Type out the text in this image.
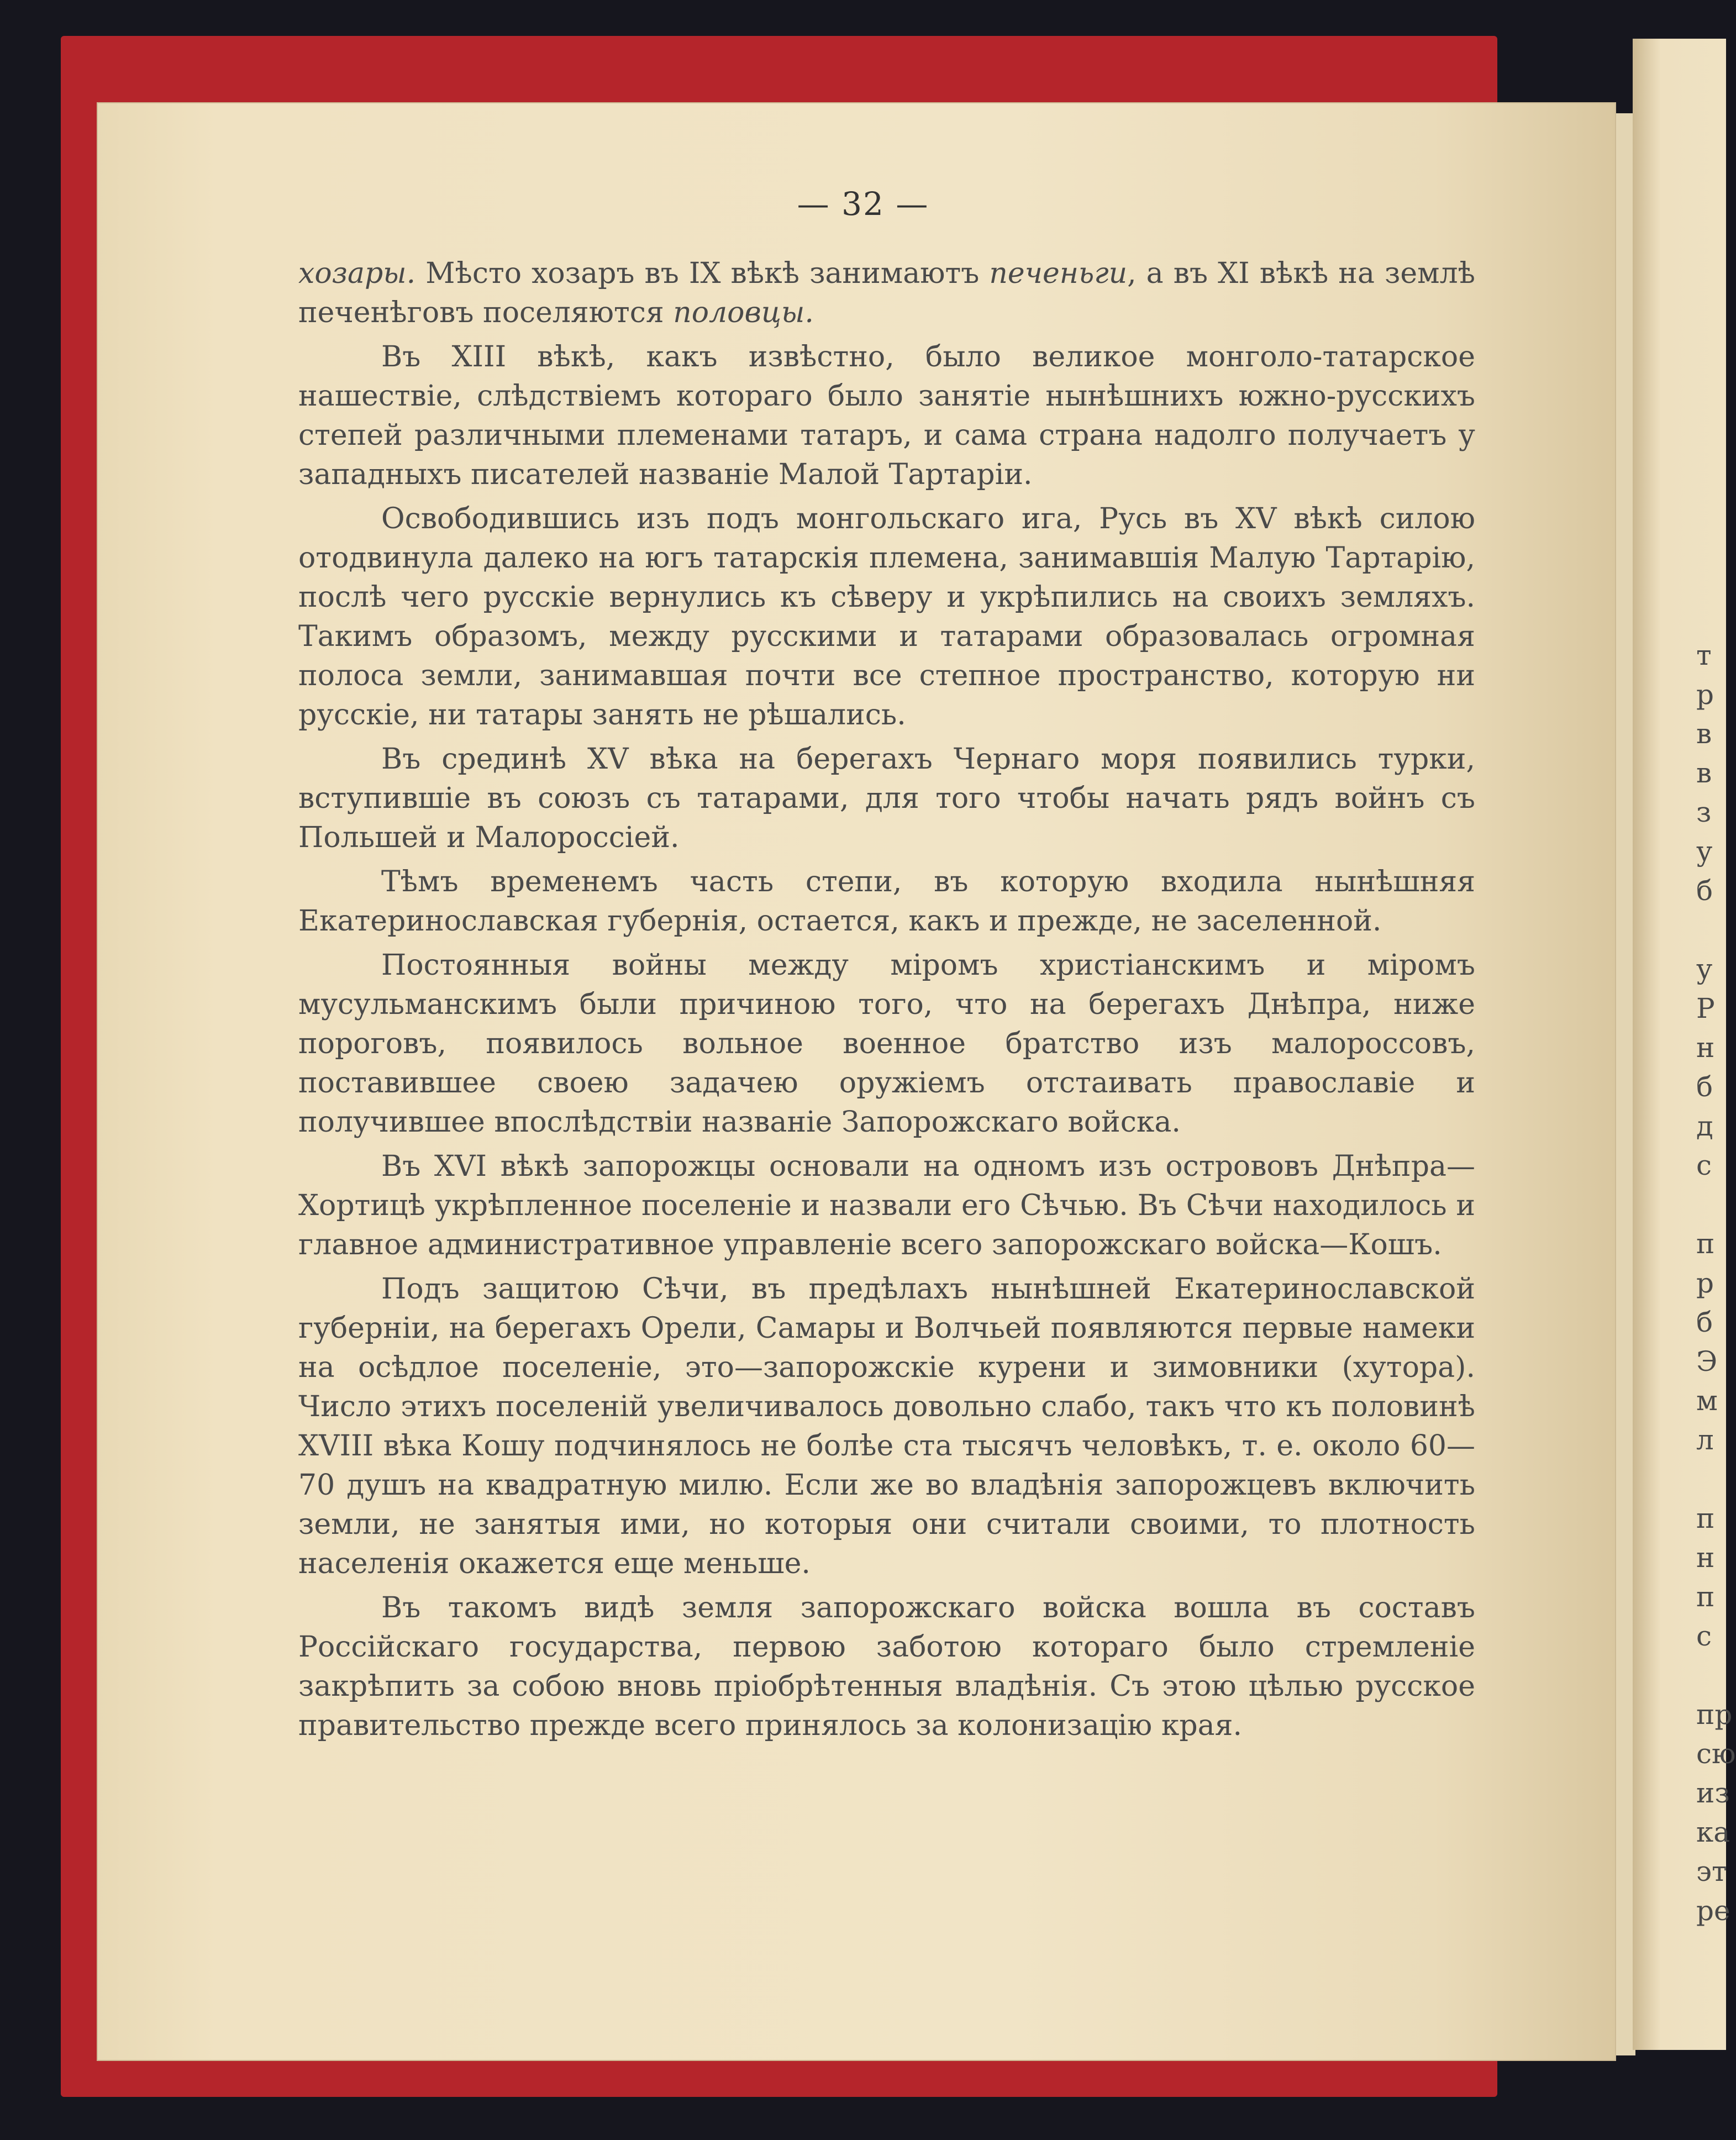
т
р
в
в
з
у
б
у
Р
н
б
д
с
п
р
б
Э
м
л
п
н
п
с
пр
сю
из
ка
эт
ре
— 32 —

хозары. Мѣсто хозаръ въ IX вѣкѣ занимаютъ печеньги, а въ XI вѣкѣ на землѣ печенѣговъ поселяются половцы.

Въ XIII вѣкѣ, какъ извѣстно, было великое монголо-татарское нашествіе, слѣдствіемъ котораго было занятіе нынѣшнихъ южно-русскихъ степей различными племенами татаръ, и сама страна надолго получаетъ у западныхъ писателей названіе Малой Тартаріи.

Освободившись изъ подъ монгольскаго ига, Русь въ XV вѣкѣ силою отодвинула далеко на югъ татарскія племена, занимавшія Малую Тартарію, послѣ чего русскіе вернулись къ сѣверу и укрѣпились на своихъ земляхъ. Такимъ образомъ, между русскими и татарами образовалась огромная полоса земли, занимавшая почти все степное пространство, которую ни русскіе, ни татары занять не рѣшались.

Въ срединѣ XV вѣка на берегахъ Чернаго моря появились турки, вступившіе въ союзъ съ татарами, для того чтобы начать рядъ войнъ съ Польшей и Малороссіей.

Тѣмъ временемъ часть степи, въ которую входила нынѣшняя Екатеринославская губернія, остается, какъ и прежде, не заселенной.

Постоянныя войны между міромъ христіанскимъ и міромъ мусульманскимъ были причиною того, что на берегахъ Днѣпра, ниже пороговъ, появилось вольное военное братство изъ малороссовъ, поставившее своею задачею оружіемъ отстаивать православіе и получившее впослѣдствіи названіе Запорожскаго войска.

Въ XVI вѣкѣ запорожцы основали на одномъ изъ острововъ Днѣпра—Хортицѣ укрѣпленное поселеніе и назвали его Сѣчью. Въ Сѣчи находилось и главное административное управленіе всего запорожскаго войска—Кошъ.

Подъ защитою Сѣчи, въ предѣлахъ нынѣшней Екатеринославской губерніи, на берегахъ Орели, Самары и Волчьей появляются первые намеки на осѣдлое поселеніе, это—запорожскіе курени и зимовники (хутора). Число этихъ поселеній увеличивалось довольно слабо, такъ что къ половинѣ XVIII вѣка Кошу подчинялось не болѣе ста тысячъ человѣкъ, т. е. около 60—70 душъ на квадратную милю. Если же во владѣнія запорожцевъ включить земли, не занятыя ими, но которыя они считали своими, то плотность населенія окажется еще меньше.

Въ такомъ видѣ земля запорожскаго войска вошла въ составъ Россійскаго государства, первою заботою котораго было стремленіе закрѣпить за собою вновь пріобрѣтенныя владѣнія. Съ этою цѣлью русское правительство прежде всего принялось за колонизацію края.
